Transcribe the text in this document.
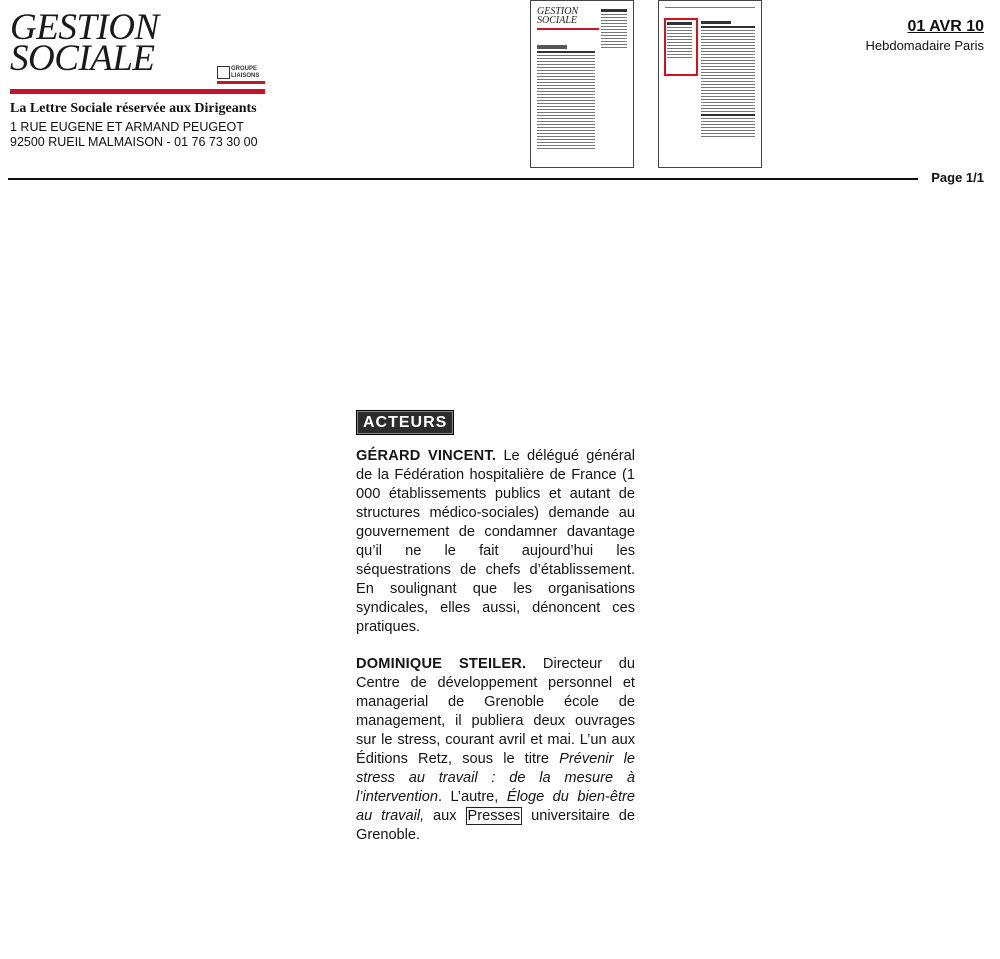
GESTION
SOCIALE	GROUPE
LIAISONS
La Lettre Sociale réservée aux Dirigeants
1 RUE EUGENE ET ARMAND PEUGEOT
92500 RUEIL MALMAISON - 01 76 73 30 00
GESTION
SOCIALE	01 AVR 10
Hebdomadaire Paris
Page 1/1
ACTEURS
GÉRARD VINCENT. Le délégué général de la Fédération hospitalière de France (1 000 établissements publics et autant de structures médico-sociales) demande au gouvernement de condamner davantage qu’il ne le fait aujourd’hui les séquestrations de chefs d’établissement. En soulignant que les organisations syndicales, elles aussi, dénoncent ces pratiques.
DOMINIQUE STEILER. Directeur du Centre de développement personnel et managerial de Grenoble école de management, il publiera deux ouvrages sur le stress, courant avril et mai. L’un aux Éditions Retz, sous le titre Prévenir le stress au travail : de la mesure à l’intervention. L’autre, Éloge du bien-être au travail, aux Presses universitaire de Grenoble.
